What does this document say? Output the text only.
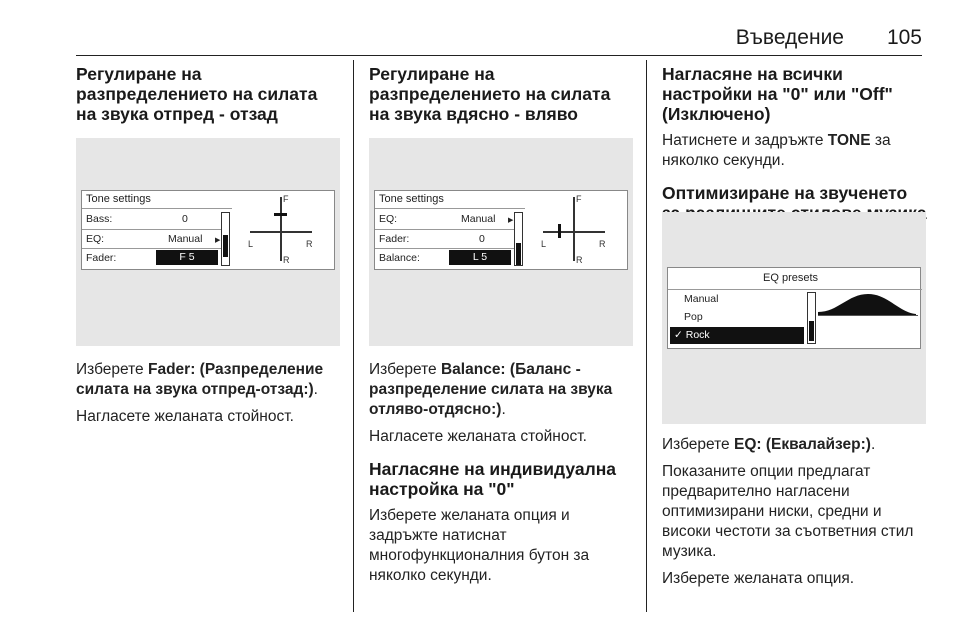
Въведение 105
Регулиране на разпределението на силата на звука отпред - отзад
Tone settings
Bass:	0
EQ:	Manual ▶
Fader:	F 5
F
L	R
R
Изберете Fader: (Разпределение силата на звука отпред-отзад:).
Нагласете желаната стойност.
Регулиране на разпределението на силата на звука вдясно - вляво
Tone settings
EQ:	Manual ▶
Fader:	0
Balance:	L 5
F
L	R
R
Изберете Balance: (Баланс - разпределение силата на звука отляво-отдясно:).
Нагласете желаната стойност.
Нагласяне на индивидуална настройка на "0"
Изберете желаната опция и задръжте натиснат многофункционалния бутон за няколко секунди.
Нагласяне на всички настройки на "0" или "Off" (Изключено)
Натиснете и задръжте TONE за няколко секунди.
Оптимизиране на звученето
EQ presets
Manual
Pop
✓ Rock
Изберете EQ: (Еквалайзер:).
Показаните опции предлагат предварително нагласени оптимизирани ниски, средни и високи честоти за съответния стил музика.
Изберете желаната опция.
